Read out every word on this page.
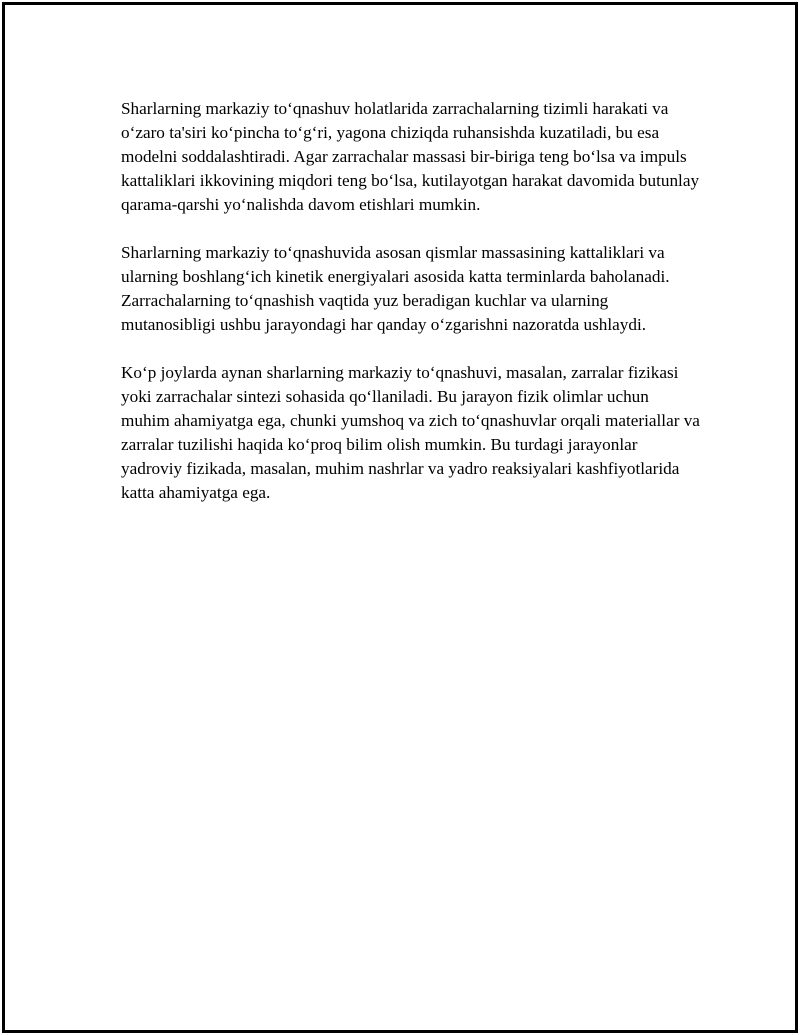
Sharlarning markaziy to‘qnashuv holatlarida zarrachalarning tizimli harakati va o‘zaro ta'siri ko‘pincha to‘g‘ri, yagona chiziqda ruhansishda kuzatiladi, bu esa modelni soddalashtiradi. Agar zarrachalar massasi bir-biriga teng bo‘lsa va impuls kattaliklari ikkovining miqdori teng bo‘lsa, kutilayotgan harakat davomida butunlay qarama-qarshi yo‘nalishda davom etishlari mumkin.

Sharlarning markaziy to‘qnashuvida asosan qismlar massasining kattaliklari va ularning boshlang‘ich kinetik energiyalari asosida katta terminlarda baholanadi. Zarrachalarning to‘qnashish vaqtida yuz beradigan kuchlar va ularning mutanosibligi ushbu jarayondagi har qanday o‘zgarishni nazoratda ushlaydi.

Ko‘p joylarda aynan sharlarning markaziy to‘qnashuvi, masalan, zarralar fizikasi yoki zarrachalar sintezi sohasida qo‘llaniladi. Bu jarayon fizik olimlar uchun muhim ahamiyatga ega, chunki yumshoq va zich to‘qnashuvlar orqali materiallar va zarralar tuzilishi haqida ko‘proq bilim olish mumkin. Bu turdagi jarayonlar yadroviy fizikada, masalan, muhim nashrlar va yadro reaksiyalari kashfiyotlarida katta ahamiyatga ega.
